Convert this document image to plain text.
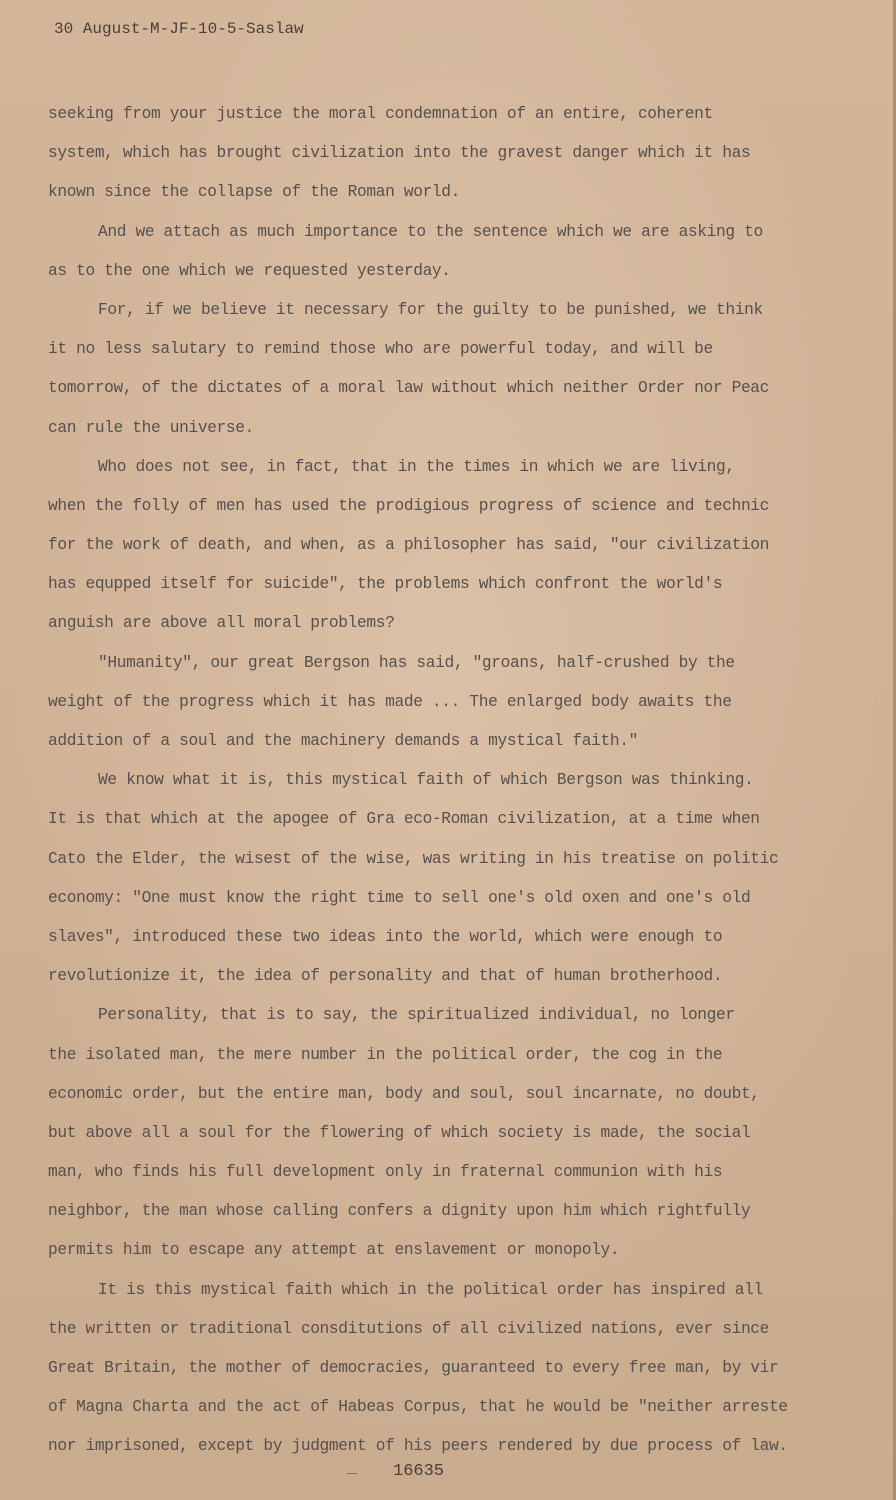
30 August-M-JF-10-5-Saslaw
seeking from your justice the moral condemnation of an entire, coherent
system, which has brought civilization into the gravest danger which it has
known since the collapse of the Roman world.
And we attach as much importance to the sentence which we are asking to
as to the one which we requested yesterday.
For, if we believe it necessary for the guilty to be punished, we think
it no less salutary to remind those who are powerful today, and will be
tomorrow, of the dictates of a moral law without which neither Order nor Peac
can rule the universe.
Who does not see, in fact, that in the times in which we are living,
when the folly of men has used the prodigious progress of science and technic
for the work of death, and when, as a philosopher has said, "our civilization
has equpped itself for suicide", the problems which confront the world's
anguish are above all moral problems?
"Humanity", our great Bergson has said, "groans, half-crushed by the
weight of the progress which it has made ... The enlarged body awaits the
addition of a soul and the machinery demands a mystical faith."
We know what it is, this mystical faith of which Bergson was thinking.
It is that which at the apogee of Gra eco-Roman civilization, at a time when
Cato the Elder, the wisest of the wise, was writing in his treatise on politic
economy: "One must know the right time to sell one's old oxen and one's old
slaves", introduced these two ideas into the world, which were enough to
revolutionize it, the idea of personality and that of human brotherhood.
Personality, that is to say, the spiritualized individual, no longer
the isolated man, the mere number in the political order, the cog in the
economic order, but the entire man, body and soul, soul incarnate, no doubt,
but above all a soul for the flowering of which society is made, the social
man, who finds his full development only in fraternal communion with his
neighbor, the man whose calling confers a dignity upon him which rightfully
permits him to escape any attempt at enslavement or monopoly.
It is this mystical faith which in the political order has inspired all
the written or traditional consditutions of all civilized nations, ever since
Great Britain, the mother of democracies, guaranteed to every free man, by vir
of Magna Charta and the act of Habeas Corpus, that he would be "neither arreste
nor imprisoned, except by judgment of his peers rendered by due process of law.
16635
